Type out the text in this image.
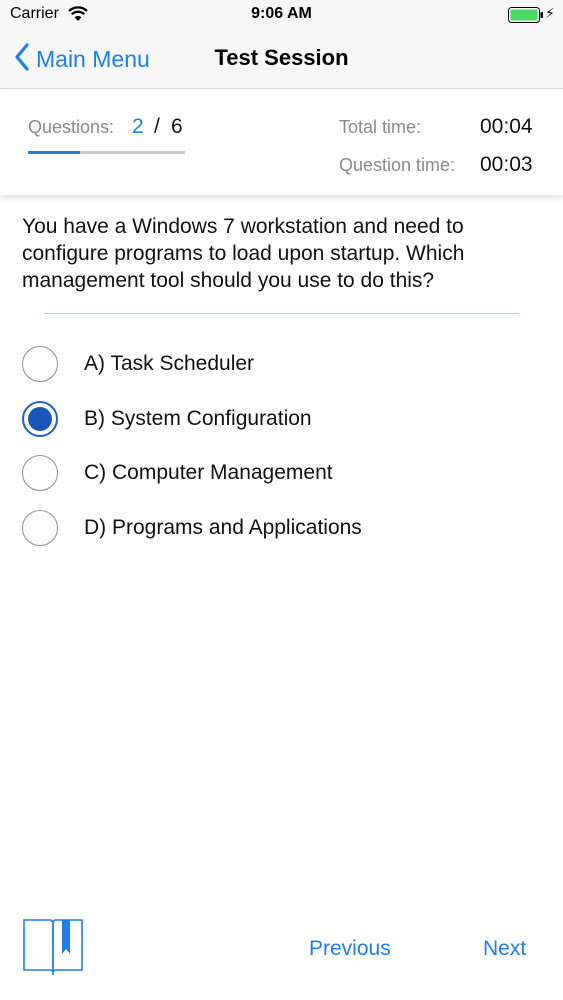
Carrier	9:06 AM	⚡
Main Menu	Test Session
Questions: 2 / 6	Total time:	00:04
Question time: 00:03
You have a Windows 7 workstation and need to configure programs to load upon startup. Which management tool should you use to do this?
A) Task Scheduler
B) System Configuration
C) Computer Management
D) Programs and Applications
Previous	Next
